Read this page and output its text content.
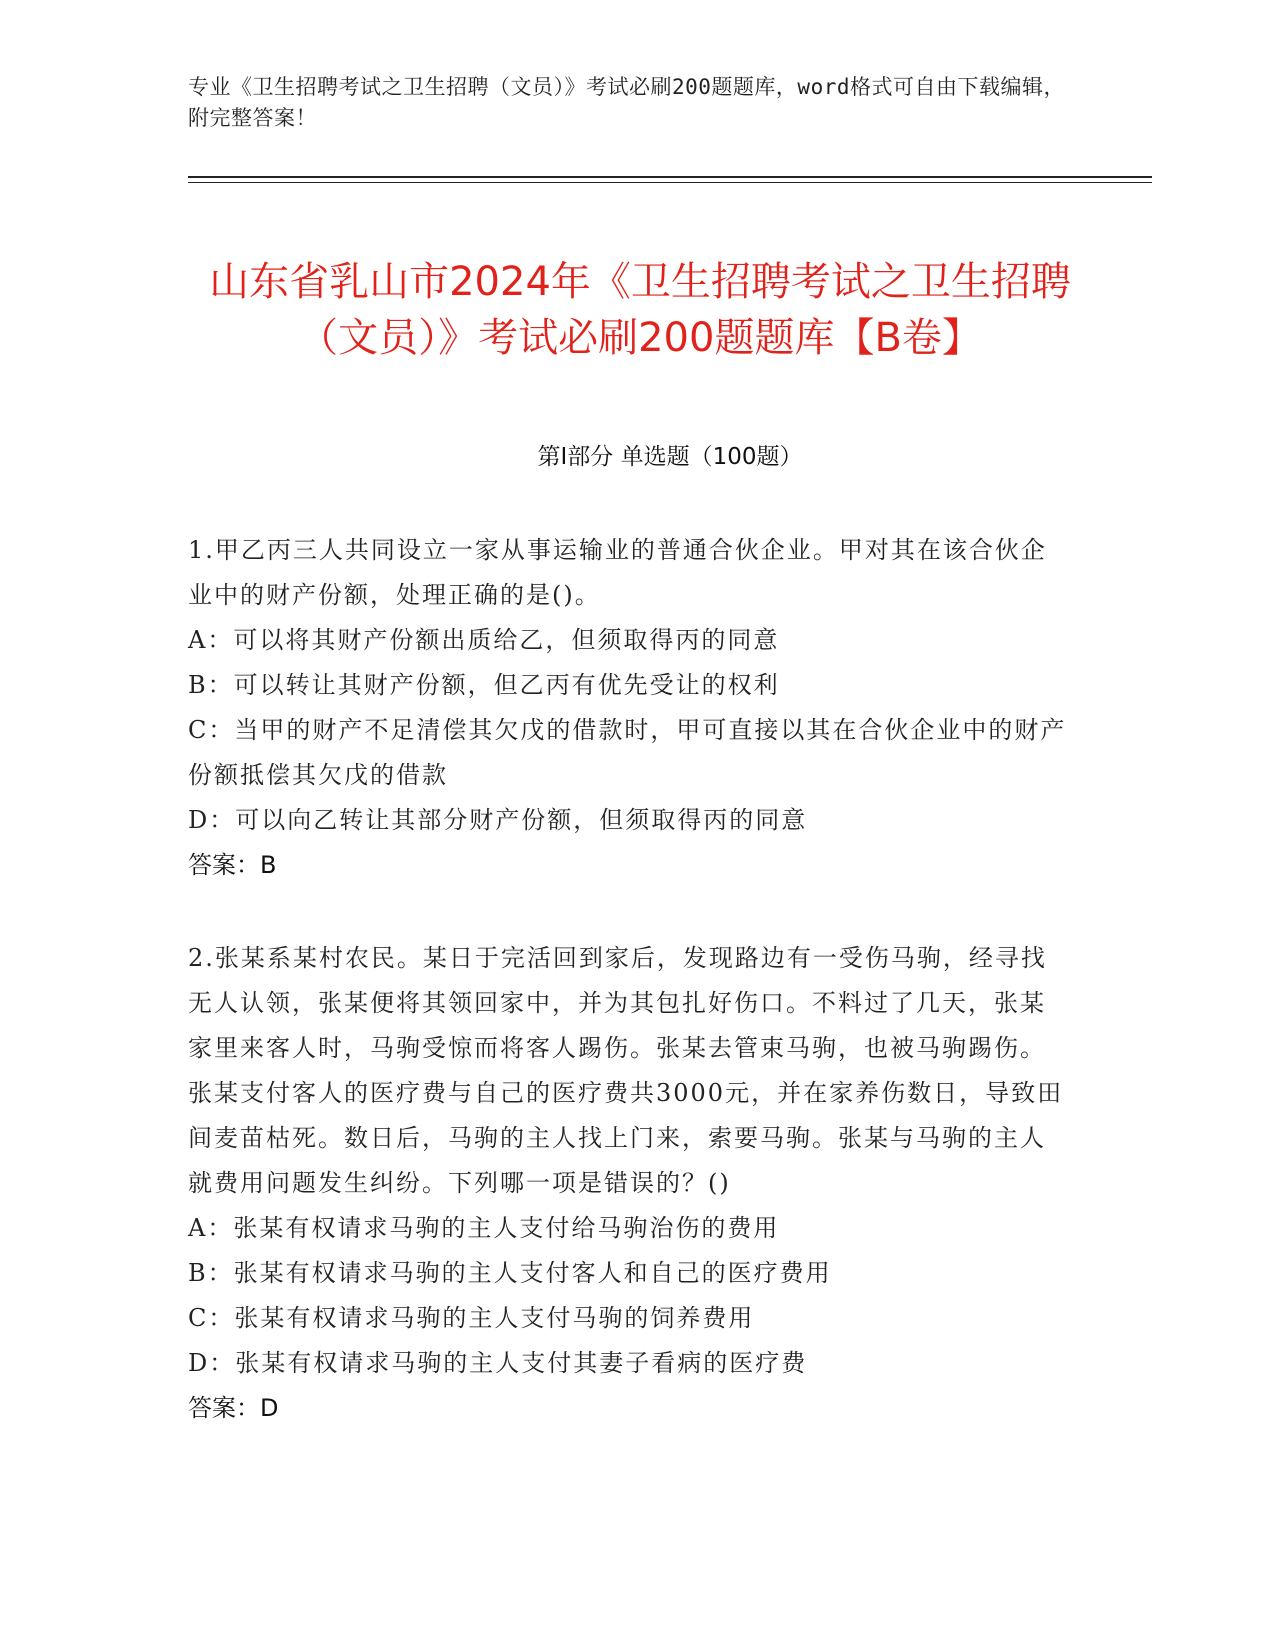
专业《卫生招聘考试之卫生招聘（文员）》考试必刷200题题库，word格式可自由下载编辑，附完整答案！
山东省乳山市2024年《卫生招聘考试之卫生招聘（文员）》考试必刷200题题库【B卷】
第Ⅰ部分 单选题（100题）

1.甲乙丙三人共同设立一家从事运输业的普通合伙企业。甲对其在该合伙企业中的财产份额，处理正确的是()。

A：可以将其财产份额出质给乙，但须取得丙的同意

B：可以转让其财产份额，但乙丙有优先受让的权利

C：当甲的财产不足清偿其欠戊的借款时，甲可直接以其在合伙企业中的财产份额抵偿其欠戊的借款

D：可以向乙转让其部分财产份额，但须取得丙的同意

答案：B

2.张某系某村农民。某日于完活回到家后，发现路边有一受伤马驹，经寻找无人认领，张某便将其领回家中，并为其包扎好伤口。不料过了几天，张某家里来客人时，马驹受惊而将客人踢伤。张某去管束马驹，也被马驹踢伤。张某支付客人的医疗费与自己的医疗费共3000元，并在家养伤数日，导致田间麦苗枯死。数日后，马驹的主人找上门来，索要马驹。张某与马驹的主人就费用问题发生纠纷。下列哪一项是错误的？()

A：张某有权请求马驹的主人支付给马驹治伤的费用

B：张某有权请求马驹的主人支付客人和自己的医疗费用

C：张某有权请求马驹的主人支付马驹的饲养费用

D：张某有权请求马驹的主人支付其妻子看病的医疗费

答案：D
